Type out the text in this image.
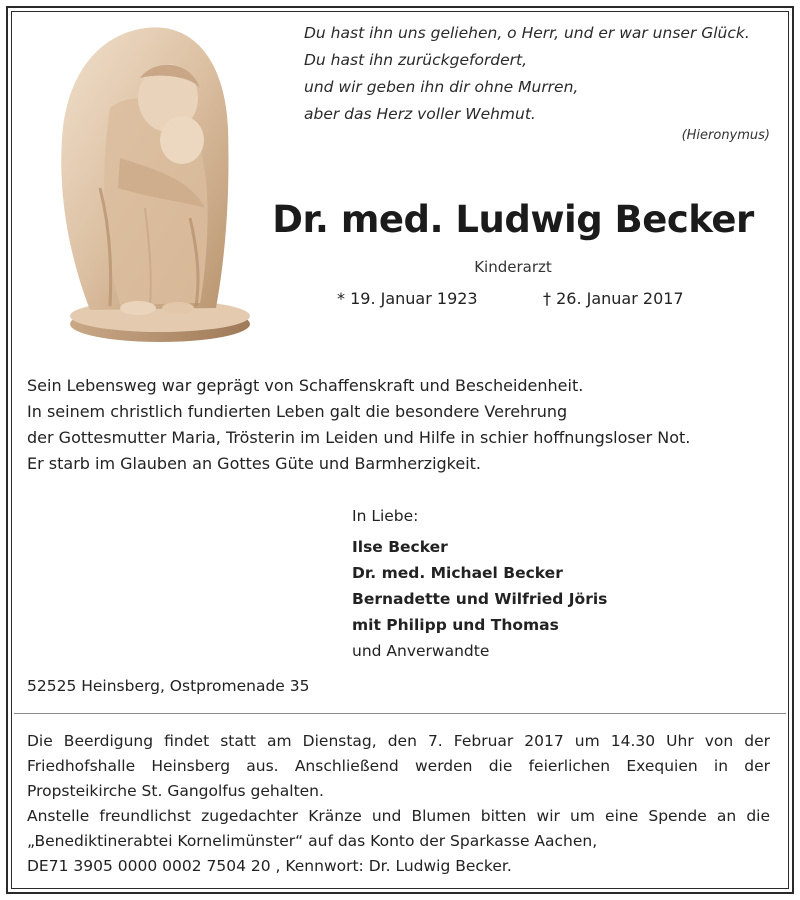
Du hast ihn uns geliehen, o Herr, und er war unser Glück.
Du hast ihn zurückgefordert,
und wir geben ihn dir ohne Murren,
aber das Herz voller Wehmut.
(Hieronymus)
Dr. med. Ludwig Becker
Kinderarzt
* 19. Januar 1923	† 26. Januar 2017
Sein Lebensweg war geprägt von Schaffenskraft und Bescheidenheit.
In seinem christlich fundierten Leben galt die besondere Verehrung
der Gottesmutter Maria, Trösterin im Leiden und Hilfe in schier hoffnungsloser Not.
Er starb im Glauben an Gottes Güte und Barmherzigkeit.
In Liebe:
Ilse Becker
Dr. med. Michael Becker
Bernadette und Wilfried Jöris
mit Philipp und Thomas
und Anverwandte
52525 Heinsberg, Ostpromenade 35
Die Beerdigung findet statt am Dienstag, den 7. Februar 2017 um 14.30 Uhr von der
Friedhofshalle Heinsberg aus. Anschließend werden die feierlichen Exequien in der
Propsteikirche St. Gangolfus gehalten.
Anstelle freundlichst zugedachter Kränze und Blumen bitten wir um eine Spende an die
„Benediktinerabtei Kornelimünster“ auf das Konto der Sparkasse Aachen,
DE71 3905 0000 0002 7504 20 , Kennwort: Dr. Ludwig Becker.
